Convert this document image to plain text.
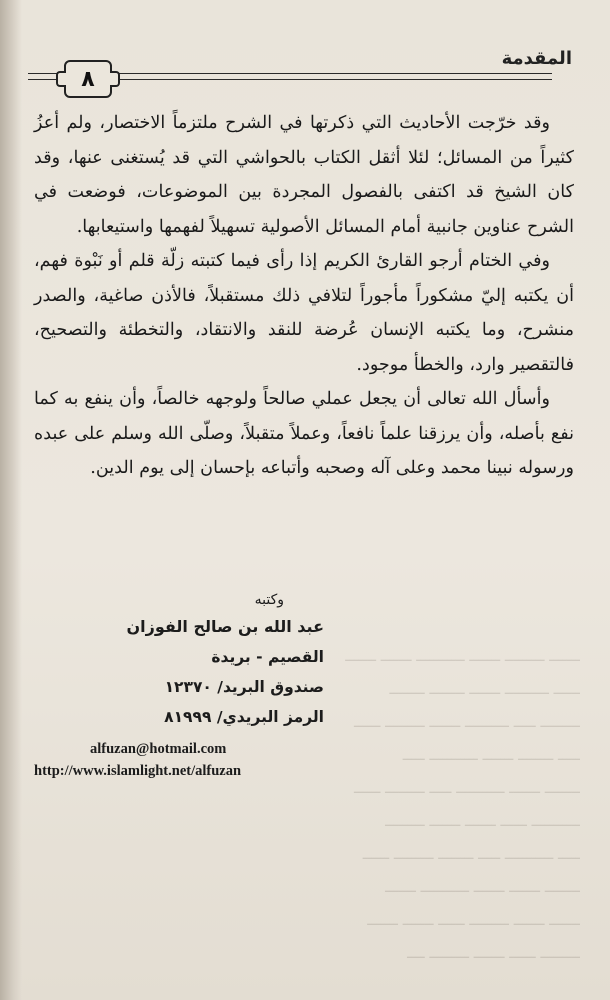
المقدمة
٨
ـــــــ ـــــــــ ـــــــ ـــــــــــ ـــــــ ـــــــ
ــــــ ــــــــــ ـــــــ ــــــــ ــــــــ
ـــــــــ ـــــ ــــــــــ ـــــــ ـــــــــ ــــــ
ـــــ ــــــــ ـــــــ ـــــــــــ ـــــ
ــــــــ ـــــــ ـــــــــــ ـــــ ـــــــــ ــــــ
ـــــــــــ ــــــ ـــــــ ـــــــ ـــــــــ
ـــــ ـــــــــــ ـــــ ــــــــ ـــــــــ ــــــ
ــــــــ ـــــــ ـــــــ ـــــــــــ ـــــــ
ـــــــ ـــــــ ـــــــــ ــــــ ـــــــ ـــــــ
ـــــــــ ــــــ ـــــــ ـــــــــ ــــ

وقد خرّجت الأحاديث التي ذكرتها في الشرح ملتزماً الاختصار، ولم أعزُ كثيراً من المسائل؛ لئلا أثقل الكتاب بالحواشي التي قد يُستغنى عنها، وقد كان الشيخ قد اكتفى بالفصول المجردة بين الموضوعات، فوضعت في الشرح عناوين جانبية أمام المسائل الأصولية تسهيلاً لفهمها واستيعابها.

وفي الختام أرجو القارئ الكريم إذا رأى فيما كتبته زلّة قلم أو نَبْوة فهم، أن يكتبه إليّ مشكوراً مأجوراً لتلافي ذلك مستقبلاً، فالأذن صاغية، والصدر منشرح، وما يكتبه الإنسان عُرضة للنقد والانتقاد، والتخطئة والتصحيح، فالتقصير وارد، والخطأ موجود.

وأسأل الله تعالى أن يجعل عملي صالحاً ولوجهه خالصاً، وأن ينفع به كما نفع بأصله، وأن يرزقنا علماً نافعاً، وعملاً متقبلاً، وصلّى الله وسلم على عبده ورسوله نبينا محمد وعلى آله وصحبه وأتباعه بإحسان إلى يوم الدين.

وكتبه
عبد الله بن صالح الفوزان
القصيم - بريدة
صندوق البريد/ ١٢٣٧٠
الرمز البريدي/ ٨١٩٩٩
alfuzan@hotmail.com
http://www.islamlight.net/alfuzan
